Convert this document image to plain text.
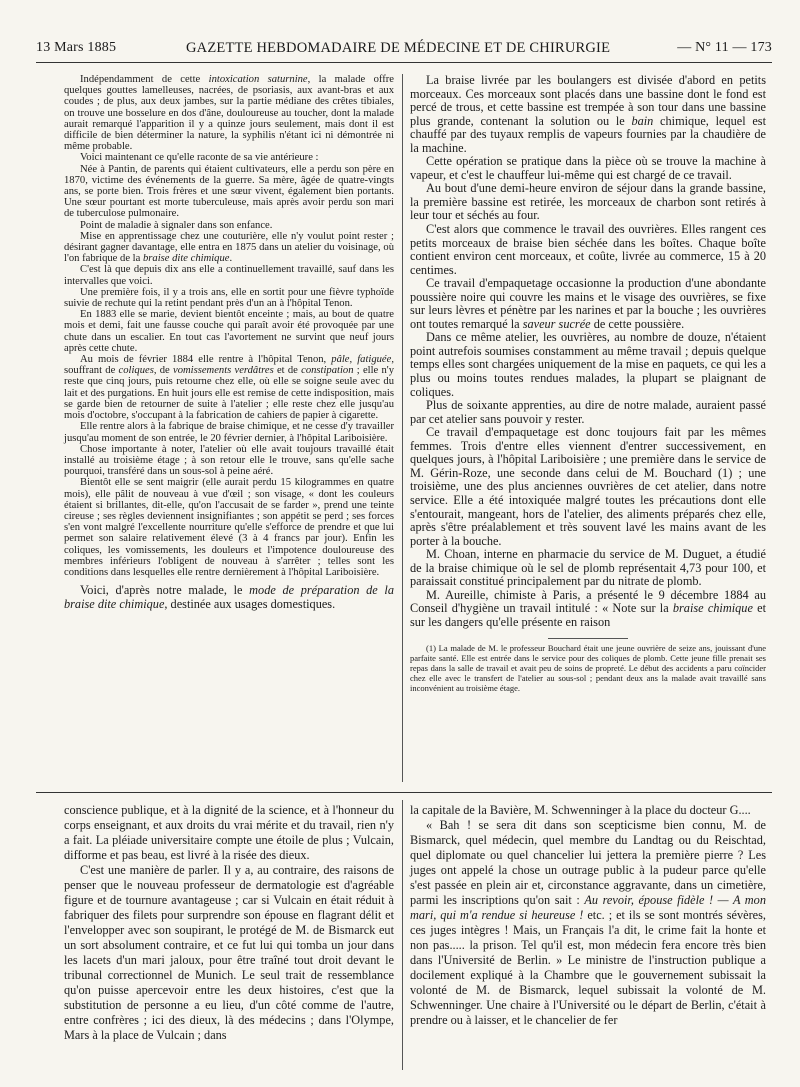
13 Mars 1885	GAZETTE HEBDOMADAIRE DE MÉDECINE ET DE CHIRURGIE	— N° 11 — 173

Indépendamment de cette intoxication saturnine, la malade offre quelques gouttes lamelleuses, nacrées, de psoriasis, aux avant-bras et aux coudes ; de plus, aux deux jambes, sur la partie médiane des crêtes tibiales, on trouve une bosselure en dos d'âne, douloureuse au toucher, dont la malade aurait remarqué l'apparition il y a quinze jours seulement, mais dont il est difficile de bien déterminer la nature, la syphilis n'étant ici ni démontrée ni même probable.

Voici maintenant ce qu'elle raconte de sa vie antérieure :

Née à Pantin, de parents qui étaient cultivateurs, elle a perdu son père en 1870, victime des événements de la guerre. Sa mère, âgée de quatre-vingts ans, se porte bien. Trois frères et une sœur vivent, également bien portants. Une sœur pourtant est morte tuberculeuse, mais après avoir perdu son mari de tuberculose pulmonaire.

Point de maladie à signaler dans son enfance.

Mise en apprentissage chez une couturière, elle n'y voulut point rester ; désirant gagner davantage, elle entra en 1875 dans un atelier du voisinage, où l'on fabrique de la braise dite chimique.

C'est là que depuis dix ans elle a continuellement travaillé, sauf dans les intervalles que voici.

Une première fois, il y a trois ans, elle en sortit pour une fièvre typhoïde suivie de rechute qui la retint pendant près d'un an à l'hôpital Tenon.

En 1883 elle se marie, devient bientôt enceinte ; mais, au bout de quatre mois et demi, fait une fausse couche qui paraît avoir été provoquée par une chute dans un escalier. En tout cas l'avortement ne survint que neuf jours après cette chute.

Au mois de février 1884 elle rentre à l'hôpital Tenon, pâle, fatiguée, souffrant de coliques, de vomissements verdâtres et de constipation ; elle n'y reste que cinq jours, puis retourne chez elle, où elle se soigne seule avec du lait et des purgations. En huit jours elle est remise de cette indisposition, mais se garde bien de retourner de suite à l'atelier ; elle reste chez elle jusqu'au mois d'octobre, s'occupant à la fabrication de cahiers de papier à cigarette.

Elle rentre alors à la fabrique de braise chimique, et ne cesse d'y travailler jusqu'au moment de son entrée, le 20 février dernier, à l'hôpital Lariboisière.

Chose importante à noter, l'atelier où elle avait toujours travaillé était installé au troisième étage ; à son retour elle le trouve, sans qu'elle sache pourquoi, transféré dans un sous-sol à peine aéré.

Bientôt elle se sent maigrir (elle aurait perdu 15 kilogrammes en quatre mois), elle pâlit de nouveau à vue d'œil ; son visage, « dont les couleurs étaient si brillantes, dit-elle, qu'on l'accusait de se farder », prend une teinte cireuse ; ses règles deviennent insignifiantes ; son appétit se perd ; ses forces s'en vont malgré l'excellente nourriture qu'elle s'efforce de prendre et que lui permet son salaire relativement élevé (3 à 4 francs par jour). Enfin les coliques, les vomissements, les douleurs et l'impotence douloureuse des membres inférieurs l'obligent de nouveau à s'arrêter ; telles sont les conditions dans lesquelles elle rentre dernièrement à l'hôpital Lariboisière.

Voici, d'après notre malade, le mode de préparation de la braise dite chimique, destinée aux usages domestiques.

La braise livrée par les boulangers est divisée d'abord en petits morceaux. Ces morceaux sont placés dans une bassine dont le fond est percé de trous, et cette bassine est trempée à son tour dans une bassine plus grande, contenant la solution ou le bain chimique, lequel est chauffé par des tuyaux remplis de vapeurs fournies par la chaudière de la machine.

Cette opération se pratique dans la pièce où se trouve la machine à vapeur, et c'est le chauffeur lui-même qui est chargé de ce travail.

Au bout d'une demi-heure environ de séjour dans la grande bassine, la première bassine est retirée, les morceaux de charbon sont retirés à leur tour et séchés au four.

C'est alors que commence le travail des ouvrières. Elles rangent ces petits morceaux de braise bien séchée dans les boîtes. Chaque boîte contient environ cent morceaux, et coûte, livrée au commerce, 15 à 20 centimes.

Ce travail d'empaquetage occasionne la production d'une abondante poussière noire qui couvre les mains et le visage des ouvrières, se fixe sur leurs lèvres et pénètre par les narines et par la bouche ; les ouvrières ont toutes remarqué la saveur sucrée de cette poussière.

Dans ce même atelier, les ouvrières, au nombre de douze, n'étaient point autrefois soumises constamment au même travail ; depuis quelque temps elles sont chargées uniquement de la mise en paquets, ce qui les a plus ou moins toutes rendues malades, la plupart se plaignant de coliques.

Plus de soixante apprenties, au dire de notre malade, auraient passé par cet atelier sans pouvoir y rester.

Ce travail d'empaquetage est donc toujours fait par les mêmes femmes. Trois d'entre elles viennent d'entrer successivement, en quelques jours, à l'hôpital Lariboisière ; une première dans le service de M. Gérin-Roze, une seconde dans celui de M. Bouchard (1) ; une troisième, une des plus anciennes ouvrières de cet atelier, dans notre service. Elle a été intoxiquée malgré toutes les précautions dont elle s'entourait, mangeant, hors de l'atelier, des aliments préparés chez elle, après s'être préalablement et très souvent lavé les mains avant de les porter à la bouche.

M. Choan, interne en pharmacie du service de M. Duguet, a étudié de la braise chimique où le sel de plomb représentait 4,73 pour 100, et paraissait constitué principalement par du nitrate de plomb.

M. Aureille, chimiste à Paris, a présenté le 9 décembre 1884 au Conseil d'hygiène un travail intitulé : « Note sur la braise chimique et sur les dangers qu'elle présente en raison

(1) La malade de M. le professeur Bouchard était une jeune ouvrière de seize ans, jouissant d'une parfaite santé. Elle est entrée dans le service pour des coliques de plomb. Cette jeune fille prenait ses repas dans la salle de travail et avait peu de soins de propreté. Le début des accidents a paru coïncider chez elle avec le transfert de l'atelier au sous-sol ; pendant deux ans la malade avait travaillé sans inconvénient au troisième étage.

conscience publique, et à la dignité de la science, et à l'honneur du corps enseignant, et aux droits du vrai mérite et du travail, rien n'y a fait. La pléiade universitaire compte une étoile de plus ; Vulcain, difforme et pas beau, est livré à la risée des dieux.

C'est une manière de parler. Il y a, au contraire, des raisons de penser que le nouveau professeur de dermatologie est d'agréable figure et de tournure avantageuse ; car si Vulcain en était réduit à fabriquer des filets pour surprendre son épouse en flagrant délit et l'envelopper avec son soupirant, le protégé de M. de Bismarck eut un sort absolument contraire, et ce fut lui qui tomba un jour dans les lacets d'un mari jaloux, pour être traîné tout droit devant le tribunal correctionnel de Munich. Le seul trait de ressemblance qu'on puisse apercevoir entre les deux histoires, c'est que la substitution de personne a eu lieu, d'un côté comme de l'autre, entre confrères ; ici des dieux, là des médecins ; dans l'Olympe, Mars à la place de Vulcain ; dans

la capitale de la Bavière, M. Schwenninger à la place du docteur G....

« Bah ! se sera dit dans son scepticisme bien connu, M. de Bismarck, quel médecin, quel membre du Landtag ou du Reischtad, quel diplomate ou quel chancelier lui jettera la première pierre ? Les juges ont appelé la chose un outrage public à la pudeur parce qu'elle s'est passée en plein air et, circonstance aggravante, dans un cimetière, parmi les inscriptions qu'on sait : Au revoir, épouse fidèle ! — A mon mari, qui m'a rendue si heureuse ! etc. ; et ils se sont montrés sévères, ces juges intègres ! Mais, un Français l'a dit, le crime fait la honte et non pas..... la prison. Tel qu'il est, mon médecin fera encore très bien dans l'Université de Berlin. » Le ministre de l'instruction publique a docilement expliqué à la Chambre que le gouvernement subissait la volonté de M. de Bismarck, lequel subissait la volonté de M. Schwenninger. Une chaire à l'Université ou le départ de Berlin, c'était à prendre ou à laisser, et le chancelier de fer
